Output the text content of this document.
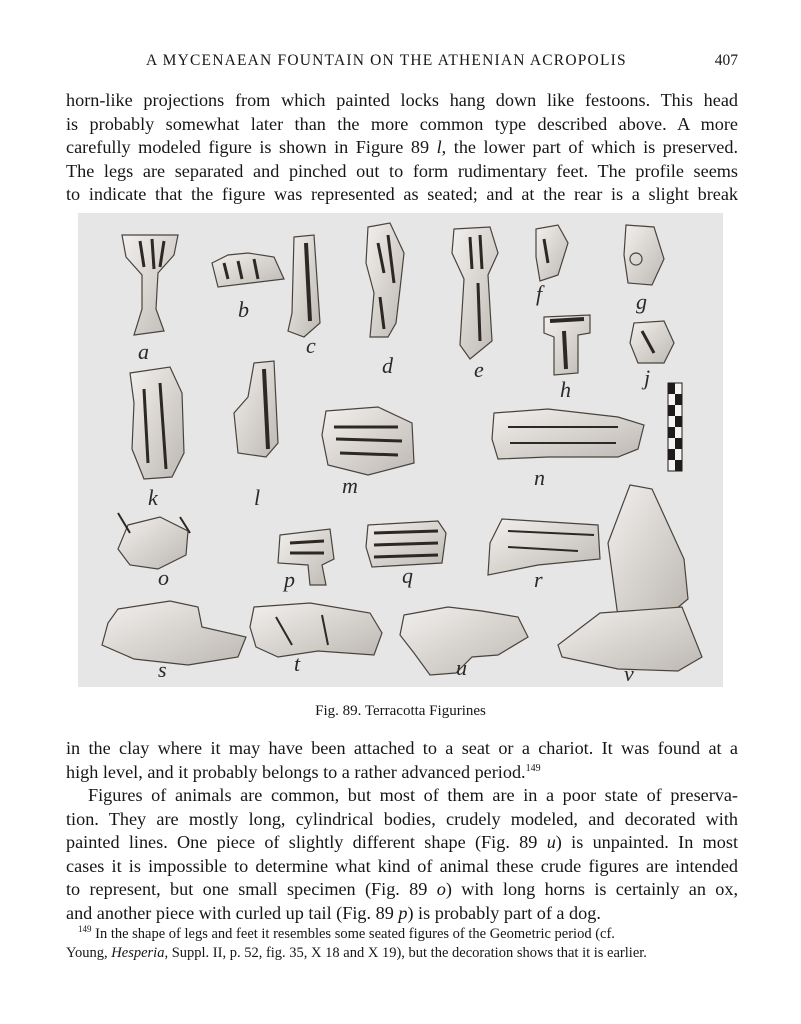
A MYCENAEAN FOUNTAIN ON THE ATHENIAN ACROPOLIS	407

horn-like projections from which painted locks hang down like festoons. This head
is probably somewhat later than the more common type described above. A more
carefully modeled figure is shown in Figure 89 l, the lower part of which is preserved.
The legs are separated and pinched out to form rudimentary feet. The profile seems
to indicate that the figure was represented as seated; and at the rear is a slight break

a
b
c
d	e
f	g
h	j
k	l	m	n
o	p	q	r
s	t	u	v
Fig. 89. Terracotta Figurines

in the clay where it may have been attached to a seat or a chariot. It was found at a
high level, and it probably belongs to a rather advanced period.$^{149}$

Figures of animals are common, but most of them are in a poor state of preserva-
tion. They are mostly long, cylindrical bodies, crudely modeled, and decorated with
painted lines. One piece of slightly different shape (Fig. 89 u) is unpainted. In most
cases it is impossible to determine what kind of animal these crude figures are intended
to represent, but one small specimen (Fig. 89 o) with long horns is certainly an ox,
and another piece with curled up tail (Fig. 89 p) is probably part of a dog.

$^{149}$ In the shape of legs and feet it resembles some seated figures of the Geometric period (cf.
Young, Hesperia, Suppl. II, p. 52, fig. 35, X 18 and X 19), but the decoration shows that it is earlier.
